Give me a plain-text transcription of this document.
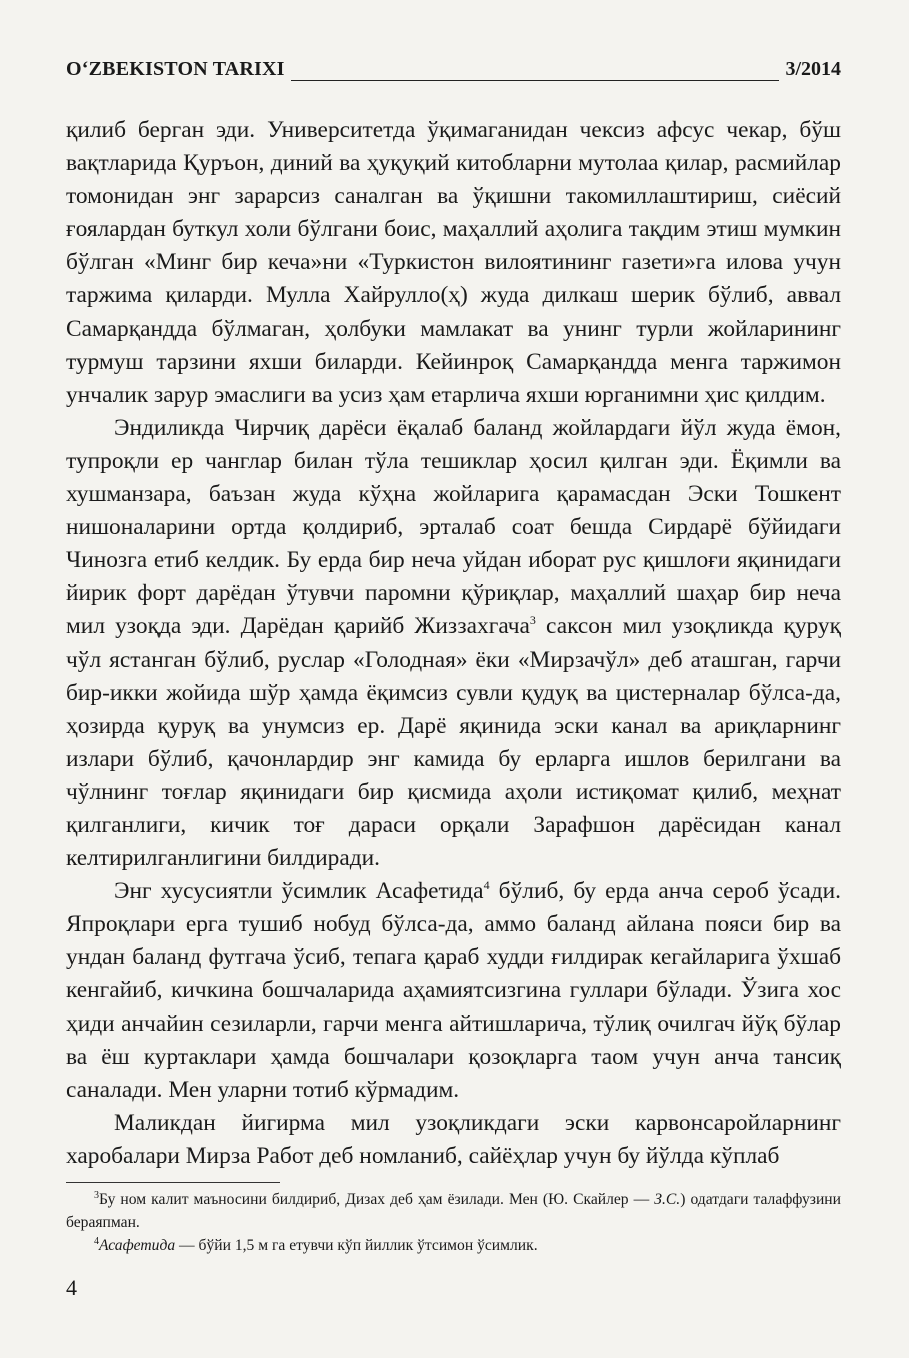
O‘ZBEKISTON TARIXI	3/2014

қилиб берган эди. Университетда ўқимаганидан чексиз афсус чекар, бўш вақтларида Қуръон, диний ва ҳуқуқий китобларни мутолаа қилар, расмийлар томонидан энг зарарсиз саналган ва ўқишни такомиллаштириш, сиёсий ғоялардан буткул холи бўлгани боис, маҳаллий аҳолига тақдим этиш мумкин бўлган «Минг бир кеча»ни «Туркистон вилоятининг газети»га илова учун таржима қиларди. Мулла Хайрулло(ҳ) жуда дилкаш шерик бўлиб, аввал Самарқандда бўлмаган, ҳолбуки мамлакат ва унинг турли жойларининг турмуш тарзини яхши биларди. Кейинроқ Самарқандда менга таржимон унчалик зарур эмаслиги ва усиз ҳам етарлича яхши юрганимни ҳис қилдим.

Эндиликда Чирчиқ дарёси ёқалаб баланд жойлардаги йўл жуда ёмон, тупроқли ер чанглар билан тўла тешиклар ҳосил қилган эди. Ёқимли ва хушманзара, баъзан жуда кўҳна жойларига қарамасдан Эски Тошкент нишоналарини ортда қолдириб, эрталаб соат бешда Сирдарё бўйидаги Чинозга етиб келдик. Бу ерда бир неча уйдан иборат рус қишлоғи яқинидаги йирик форт дарёдан ўтувчи паромни қўриқлар, маҳаллий шаҳар бир неча мил узоқда эди. Дарёдан қарийб Жиззахгача$^3$ саксон мил узоқликда қуруқ чўл ястанган бўлиб, руслар «Голодная» ёки «Мирзачўл» деб аташган, гарчи бир-икки жойида шўр ҳамда ёқимсиз сувли қудуқ ва цистерналар бўлса-да, ҳозирда қуруқ ва унумсиз ер. Дарё яқинида эски канал ва ариқларнинг излари бўлиб, қачонлардир энг камида бу ерларга ишлов берилгани ва чўлнинг тоғлар яқинидаги бир қисмида аҳоли истиқомат қилиб, меҳнат қилганлиги, кичик тоғ дараси орқали Зарафшон дарёсидан канал келтирилганлигини билдиради.

Энг хусусиятли ўсимлик Асафетида$^4$ бўлиб, бу ерда анча сероб ўсади. Япроқлари ерга тушиб нобуд бўлса-да, аммо баланд айлана пояси бир ва ундан баланд футгача ўсиб, тепага қараб худди ғилдирак кегайларига ўхшаб кенгайиб, кичкина бошчаларида аҳамиятсизгина гуллари бўлади. Ўзига хос ҳиди анчайин сезиларли, гарчи менга айтишларича, тўлиқ очилгач йўқ бўлар ва ёш куртаклари ҳамда бошчалари қозоқларга таом учун анча тансиқ саналади. Мен уларни тотиб кўрмадим.

Маликдан йигирма мил узоқликдаги эски карвонсаройларнинг харобалари Мирза Работ деб номланиб, сайёҳлар учун бу йўлда кўплаб

$^3$Бу ном калит маъносини билдириб, Дизах деб ҳам ёзилади. Мен (Ю. Скайлер — З.С.) одатдаги талаффузини бераяпман.

$^4$Асафетида — бўйи 1,5 м га етувчи кўп йиллик ўтсимон ўсимлик.

4
